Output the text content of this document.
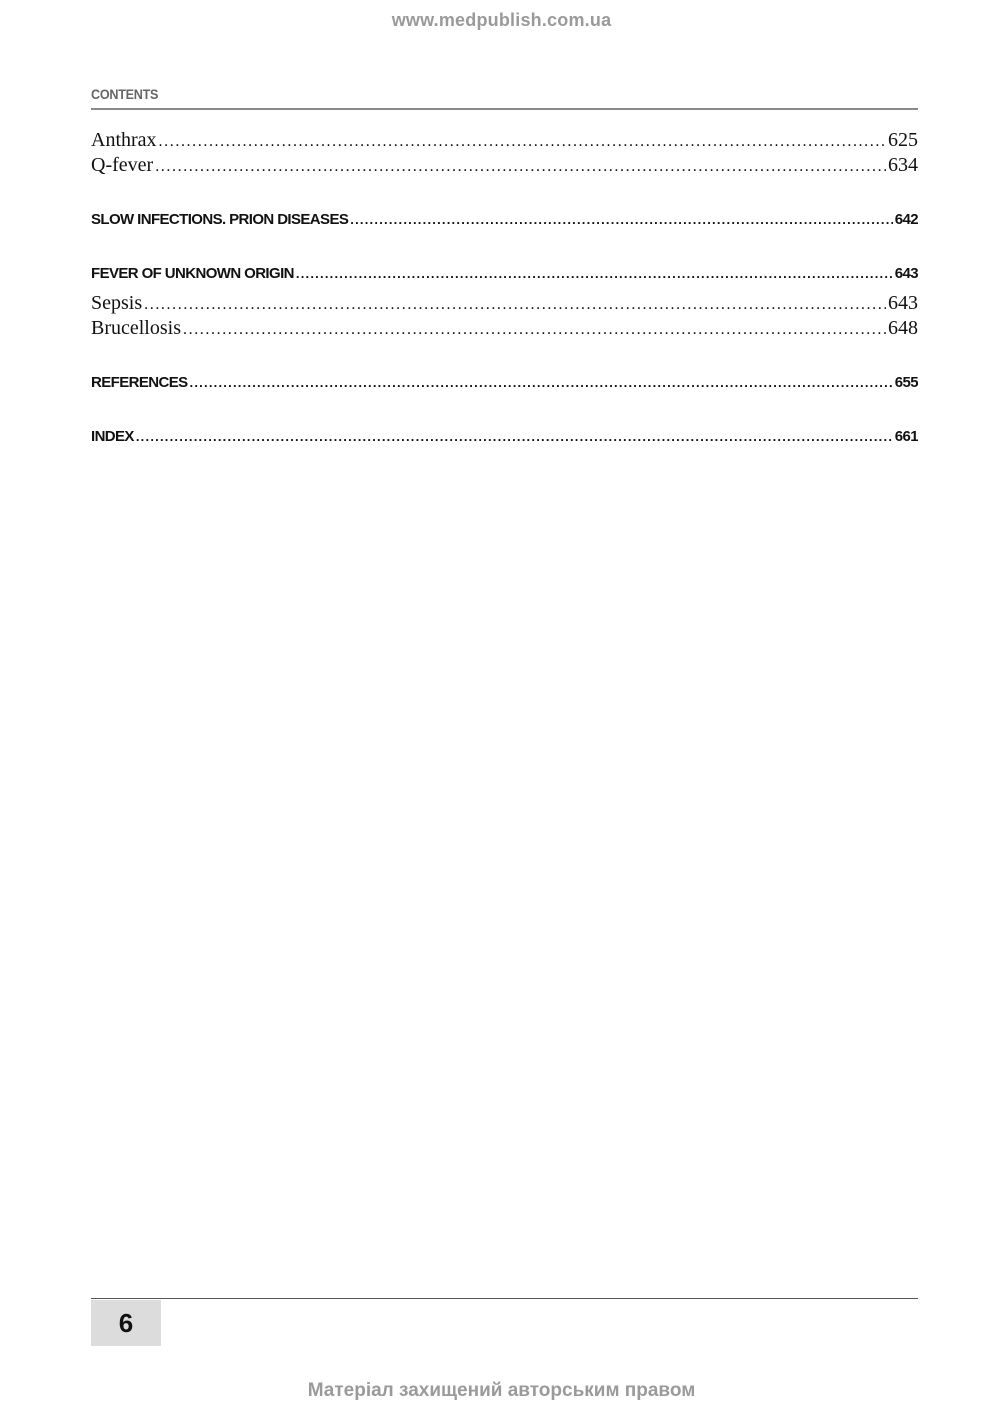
www.medpublish.com.ua
CONTENTS
Anthrax . . .	625
Q-fever . . .	634
SLOW INFECTIONS. PRION DISEASES . . .	642
FEVER OF UNKNOWN ORIGIN . . .	643
Sepsis . . .	643
Brucellosis . . .	648
REFERENCES . . .	655
INDEX . . .	661
6
Матеріал захищений авторським правом
